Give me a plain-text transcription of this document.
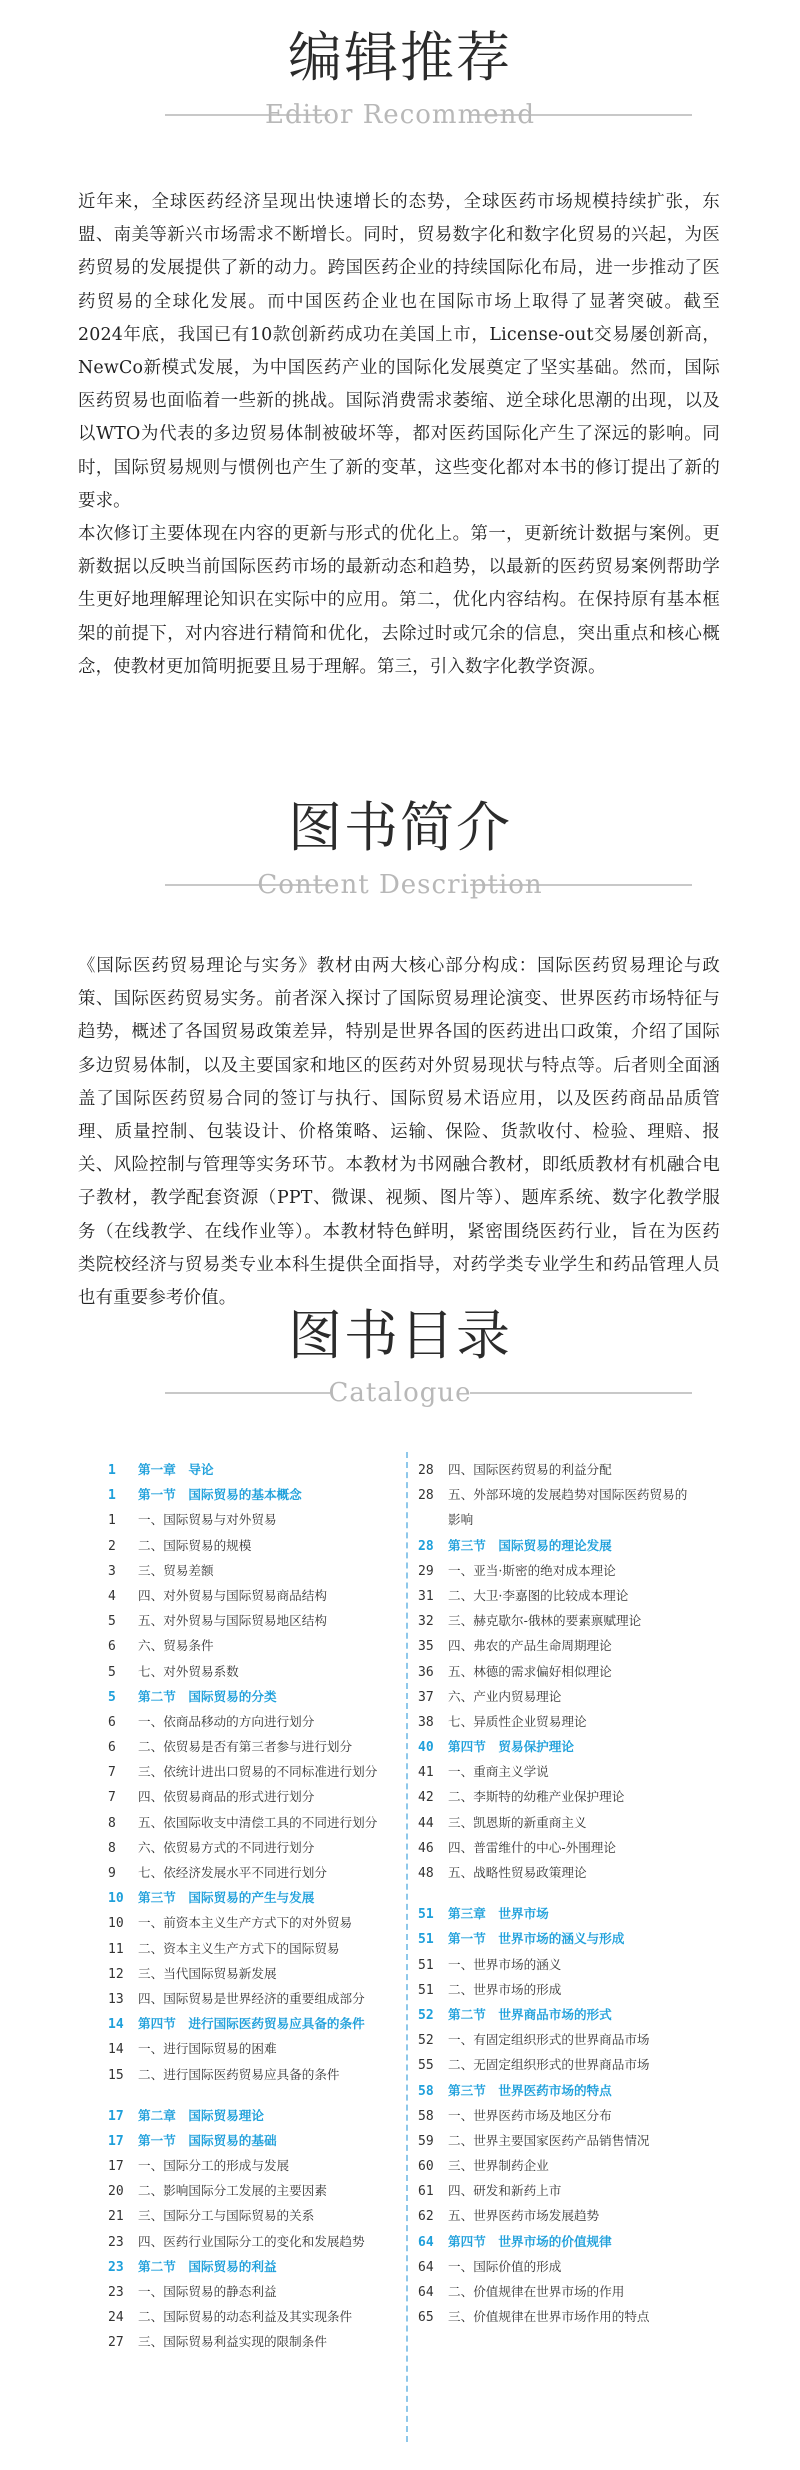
编辑推荐
Editor Recommend

近年来，全球医药经济呈现出快速增长的态势，全球医药市场规模持续扩张，东盟、南美等新兴市场需求不断增长。同时，贸易数字化和数字化贸易的兴起，为医药贸易的发展提供了新的动力。跨国医药企业的持续国际化布局，进一步推动了医药贸易的全球化发展。而中国医药企业也在国际市场上取得了显著突破。截至2024年底，我国已有10款创新药成功在美国上市，License-out交易屡创新高，NewCo新模式发展，为中国医药产业的国际化发展奠定了坚实基础。然而，国际医药贸易也面临着一些新的挑战。国际消费需求萎缩、逆全球化思潮的出现，以及以WTO为代表的多边贸易体制被破坏等，都对医药国际化产生了深远的影响。同时，国际贸易规则与惯例也产生了新的变革，这些变化都对本书的修订提出了新的要求。

本次修订主要体现在内容的更新与形式的优化上。第一，更新统计数据与案例。更新数据以反映当前国际医药市场的最新动态和趋势，以最新的医药贸易案例帮助学生更好地理解理论知识在实际中的应用。第二，优化内容结构。在保持原有基本框架的前提下，对内容进行精简和优化，去除过时或冗余的信息，突出重点和核心概念，使教材更加简明扼要且易于理解。第三，引入数字化教学资源。

图书简介
Content Description

《国际医药贸易理论与实务》教材由两大核心部分构成：国际医药贸易理论与政策、国际医药贸易实务。前者深入探讨了国际贸易理论演变、世界医药市场特征与趋势，概述了各国贸易政策差异，特别是世界各国的医药进出口政策，介绍了国际多边贸易体制，以及主要国家和地区的医药对外贸易现状与特点等。后者则全面涵盖了国际医药贸易合同的签订与执行、国际贸易术语应用，以及医药商品品质管理、质量控制、包装设计、价格策略、运输、保险、货款收付、检验、理赔、报关、风险控制与管理等实务环节。本教材为书网融合教材，即纸质教材有机融合电子教材，教学配套资源（PPT、微课、视频、图片等）、题库系统、数字化教学服务（在线教学、在线作业等）。本教材特色鲜明，紧密围绕医药行业，旨在为医药类院校经济与贸易类专业本科生提供全面指导，对药学类专业学生和药品管理人员也有重要参考价值。

图书目录
Catalogue
1 第一章　导论
1 第一节　国际贸易的基本概念
1 一、国际贸易与对外贸易
2 二、国际贸易的规模
3 三、贸易差额
4 四、对外贸易与国际贸易商品结构
5 五、对外贸易与国际贸易地区结构
6 六、贸易条件
5 七、对外贸易系数
5 第二节　国际贸易的分类
6 一、依商品移动的方向进行划分
6 二、依贸易是否有第三者参与进行划分
7 三、依统计进出口贸易的不同标准进行划分
7 四、依贸易商品的形式进行划分
8 五、依国际收支中清偿工具的不同进行划分
8 六、依贸易方式的不同进行划分
9 七、依经济发展水平不同进行划分
10 第三节　国际贸易的产生与发展
10 一、前资本主义生产方式下的对外贸易
11 二、资本主义生产方式下的国际贸易
12 三、当代国际贸易新发展
13 四、国际贸易是世界经济的重要组成部分
14 第四节　进行国际医药贸易应具备的条件
14 一、进行国际贸易的困难
15 二、进行国际医药贸易应具备的条件
17 第二章　国际贸易理论
17 第一节　国际贸易的基础
17 一、国际分工的形成与发展
20 二、影响国际分工发展的主要因素
21 三、国际分工与国际贸易的关系
23 四、医药行业国际分工的变化和发展趋势
23 第二节　国际贸易的利益
23 一、国际贸易的静态利益
24 二、国际贸易的动态利益及其实现条件
27 三、国际贸易利益实现的限制条件
28 四、国际医药贸易的利益分配
28 五、外部环境的发展趋势对国际医药贸易的
影响
28 第三节　国际贸易的理论发展
29 一、亚当·斯密的绝对成本理论
31 二、大卫·李嘉图的比较成本理论
32 三、赫克歇尔-俄林的要素禀赋理论
35 四、弗农的产品生命周期理论
36 五、林德的需求偏好相似理论
37 六、产业内贸易理论
38 七、异质性企业贸易理论
40 第四节　贸易保护理论
41 一、重商主义学说
42 二、李斯特的幼稚产业保护理论
44 三、凯恩斯的新重商主义
46 四、普雷维什的中心-外围理论
48 五、战略性贸易政策理论
51 第三章　世界市场
51 第一节　世界市场的涵义与形成
51 一、世界市场的涵义
51 二、世界市场的形成
52 第二节　世界商品市场的形式
52 一、有固定组织形式的世界商品市场
55 二、无固定组织形式的世界商品市场
58 第三节　世界医药市场的特点
58 一、世界医药市场及地区分布
59 二、世界主要国家医药产品销售情况
60 三、世界制药企业
61 四、研发和新药上市
62 五、世界医药市场发展趋势
64 第四节　世界市场的价值规律
64 一、国际价值的形成
64 二、价值规律在世界市场的作用
65 三、价值规律在世界市场作用的特点
